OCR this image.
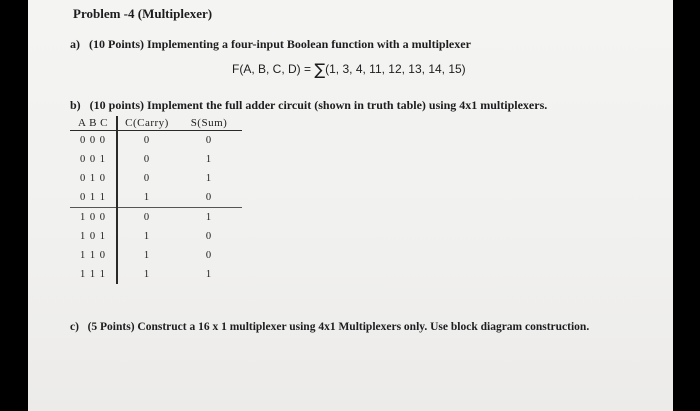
Problem -4 (Multiplexer)
a) (10 Points) Implementing a four-input Boolean function with a multiplexer
F(A, B, C, D) = ∑(1, 3, 4, 11, 12, 13, 14, 15)
b) (10 points) Implement the full adder circuit (shown in truth table) using 4x1 multiplexers.
A B C	C(Carry)	S(Sum)
0 0 0	0	0
0 0 1	0	1
0 1 0	0	1
0 1 1	1	0
1 0 0	0	1
1 0 1	1	0
1 1 0	1	0
1 1 1	1	1
c) (5 Points) Construct a 16 x 1 multiplexer using 4x1 Multiplexers only. Use block diagram construction.
